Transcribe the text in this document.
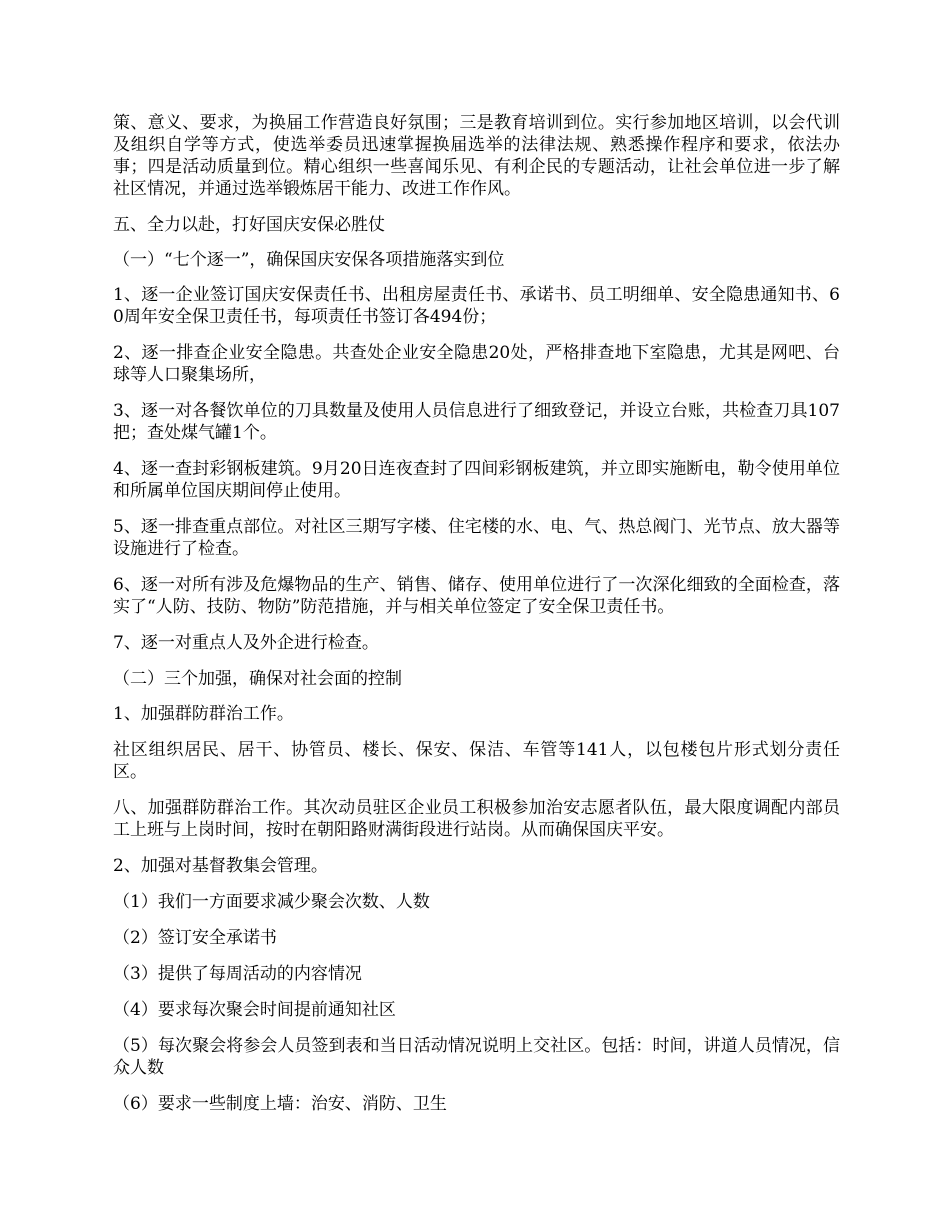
策、意义、要求，为换届工作营造良好氛围；三是教育培训到位。实行参加地区培训，以会代训及组织自学等方式，使选举委员迅速掌握换届选举的法律法规、熟悉操作程序和要求，依法办事；四是活动质量到位。精心组织一些喜闻乐见、有利企民的专题活动，让社会单位进一步了解社区情况，并通过选举锻炼居干能力、改进工作作风。

五、全力以赴，打好国庆安保必胜仗

（一）“七个逐一”，确保国庆安保各项措施落实到位

1、逐一企业签订国庆安保责任书、出租房屋责任书、承诺书、员工明细单、安全隐患通知书、60周年安全保卫责任书，每项责任书签订各494份；

2、逐一排查企业安全隐患。共查处企业安全隐患20处，严格排查地下室隐患，尤其是网吧、台球等人口聚集场所，

3、逐一对各餐饮单位的刀具数量及使用人员信息进行了细致登记，并设立台账，共检查刀具107把；查处煤气罐1个。

4、逐一查封彩钢板建筑。9月20日连夜查封了四间彩钢板建筑，并立即实施断电，勒令使用单位和所属单位国庆期间停止使用。

5、逐一排查重点部位。对社区三期写字楼、住宅楼的水、电、气、热总阀门、光节点、放大器等设施进行了检查。

6、逐一对所有涉及危爆物品的生产、销售、储存、使用单位进行了一次深化细致的全面检查，落实了“人防、技防、物防”防范措施，并与相关单位签定了安全保卫责任书。

7、逐一对重点人及外企进行检查。

（二）三个加强，确保对社会面的控制

1、加强群防群治工作。

社区组织居民、居干、协管员、楼长、保安、保洁、车管等141人，以包楼包片形式划分责任区。

八、加强群防群治工作。其次动员驻区企业员工积极参加治安志愿者队伍，最大限度调配内部员工上班与上岗时间，按时在朝阳路财满街段进行站岗。从而确保国庆平安。

2、加强对基督教集会管理。

（1）我们一方面要求减少聚会次数、人数

（2）签订安全承诺书

（3）提供了每周活动的内容情况

（4）要求每次聚会时间提前通知社区

（5）每次聚会将参会人员签到表和当日活动情况说明上交社区。包括：时间，讲道人员情况，信众人数

（6）要求一些制度上墙：治安、消防、卫生
